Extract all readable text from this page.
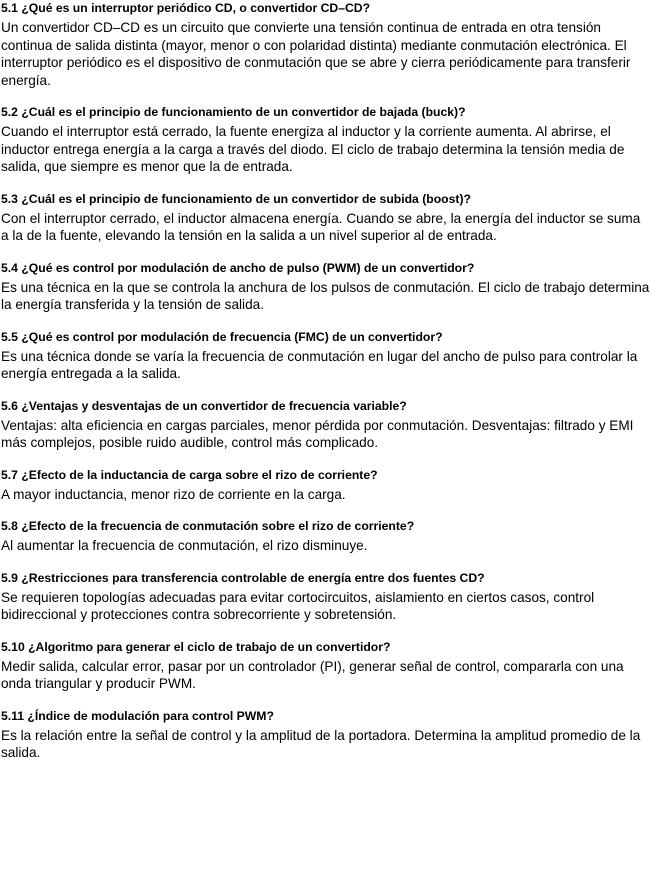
5.1 ¿Qué es un interruptor periódico CD, o convertidor CD–CD?

Un convertidor CD–CD es un circuito que convierte una tensión continua de entrada en otra tensión continua de salida distinta (mayor, menor o con polaridad distinta) mediante conmutación electrónica. El interruptor periódico es el dispositivo de conmutación que se abre y cierra periódicamente para transferir energía.

5.2 ¿Cuál es el principio de funcionamiento de un convertidor de bajada (buck)?

Cuando el interruptor está cerrado, la fuente energiza al inductor y la corriente aumenta. Al abrirse, el inductor entrega energía a la carga a través del diodo. El ciclo de trabajo determina la tensión media de salida, que siempre es menor que la de entrada.

5.3 ¿Cuál es el principio de funcionamiento de un convertidor de subida (boost)?

Con el interruptor cerrado, el inductor almacena energía. Cuando se abre, la energía del inductor se suma a la de la fuente, elevando la tensión en la salida a un nivel superior al de entrada.

5.4 ¿Qué es control por modulación de ancho de pulso (PWM) de un convertidor?

Es una técnica en la que se controla la anchura de los pulsos de conmutación. El ciclo de trabajo determina la energía transferida y la tensión de salida.

5.5 ¿Qué es control por modulación de frecuencia (FMC) de un convertidor?

Es una técnica donde se varía la frecuencia de conmutación en lugar del ancho de pulso para controlar la energía entregada a la salida.

5.6 ¿Ventajas y desventajas de un convertidor de frecuencia variable?

Ventajas: alta eficiencia en cargas parciales, menor pérdida por conmutación. Desventajas: filtrado y EMI más complejos, posible ruido audible, control más complicado.

5.7 ¿Efecto de la inductancia de carga sobre el rizo de corriente?

A mayor inductancia, menor rizo de corriente en la carga.

5.8 ¿Efecto de la frecuencia de conmutación sobre el rizo de corriente?

Al aumentar la frecuencia de conmutación, el rizo disminuye.

5.9 ¿Restricciones para transferencia controlable de energía entre dos fuentes CD?

Se requieren topologías adecuadas para evitar cortocircuitos, aislamiento en ciertos casos, control bidireccional y protecciones contra sobrecorriente y sobretensión.

5.10 ¿Algoritmo para generar el ciclo de trabajo de un convertidor?

Medir salida, calcular error, pasar por un controlador (PI), generar señal de control, compararla con una onda triangular y producir PWM.

5.11 ¿Índice de modulación para control PWM?

Es la relación entre la señal de control y la amplitud de la portadora. Determina la amplitud promedio de la salida.
